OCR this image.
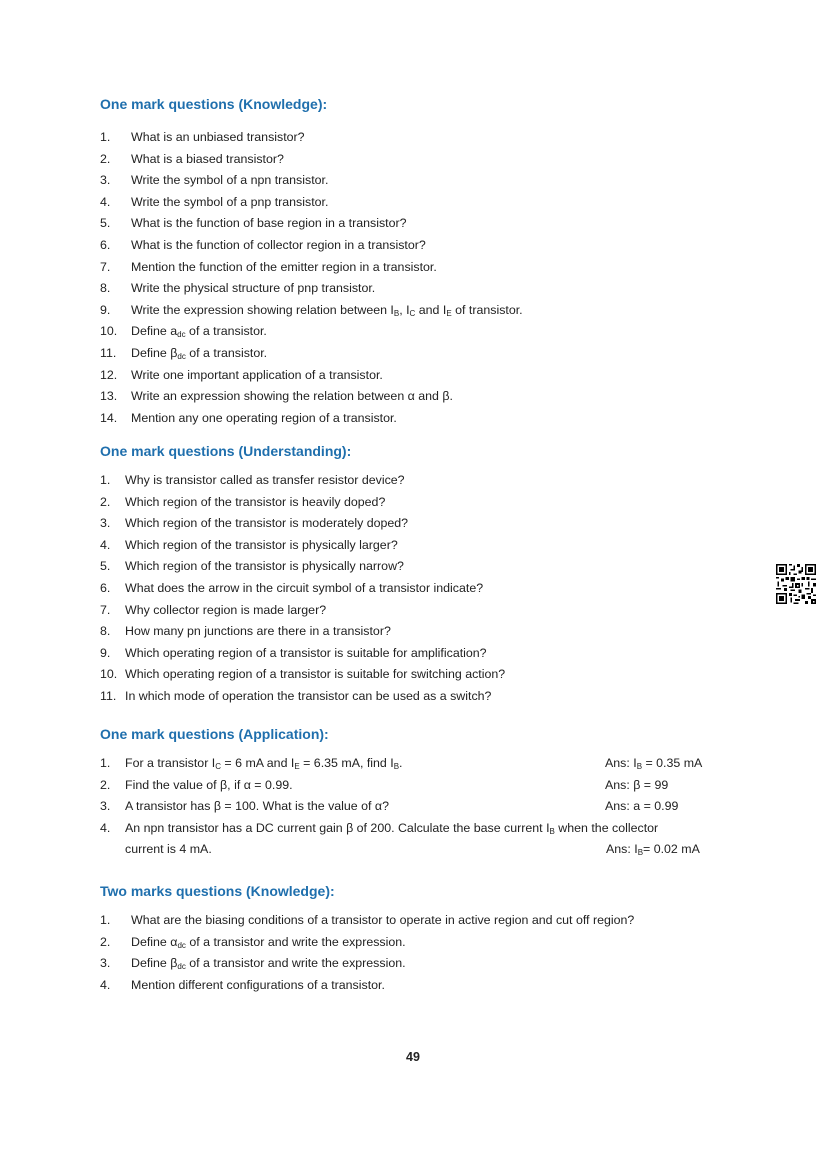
One mark questions (Knowledge):
1.	What is an unbiased transistor?
2.	What is a biased transistor?
3.	Write the symbol of a npn transistor.
4.	Write the symbol of a pnp transistor.
5.	What is the function of base region in a transistor?
6.	What is the function of collector region in a transistor?
7.	Mention the function of the emitter region in a transistor.
8.	Write the physical structure of pnp transistor.
9.	Write the expression showing relation between $I_B$, $I_C$ and $I_E$ of transistor.
10.	Define $a_{dc}$ of a transistor.
11.	Define $\beta_{dc}$ of a transistor.
12.	Write one important application of a transistor.
13.	Write an expression showing the relation between α and β.
14.	Mention any one operating region of a transistor.
One mark questions (Understanding):
1.	Why is transistor called as transfer resistor device?
2.	Which region of the transistor is heavily doped?
3.	Which region of the transistor is moderately doped?
4.	Which region of the transistor is physically larger?
5.	Which region of the transistor is physically narrow?
6.	What does the arrow in the circuit symbol of a transistor indicate?
7.	Why collector region is made larger?
8.	How many pn junctions are there in a transistor?
9.	Which operating region of a transistor is suitable for amplification?
10. Which operating region of a transistor is suitable for switching action?
11. In which mode of operation the transistor can be used as a switch?
One mark questions (Application):
1.	For a transistor $I_C = 6$ mA and $I_E = 6.35$ mA, find $I_B$.	Ans: $I_B = 0.35$ mA
2.	Find the value of β, if α = 0.99.	Ans: β = 99
3.	A transistor has β = 100. What is the value of α?	Ans: a = 0.99
4.	An npn transistor has a DC current gain β of 200. Calculate the base current $I_B$ when the collector
current is 4 mA.	Ans: $I_B= 0.02$ mA
Two marks questions (Knowledge):
1.	What are the biasing conditions of a transistor to operate in active region and cut off region?
2.	Define $\alpha_{dc}$ of a transistor and write the expression.
3.	Define $\beta_{dc}$ of a transistor and write the expression.
4.	Mention different configurations of a transistor.
49
